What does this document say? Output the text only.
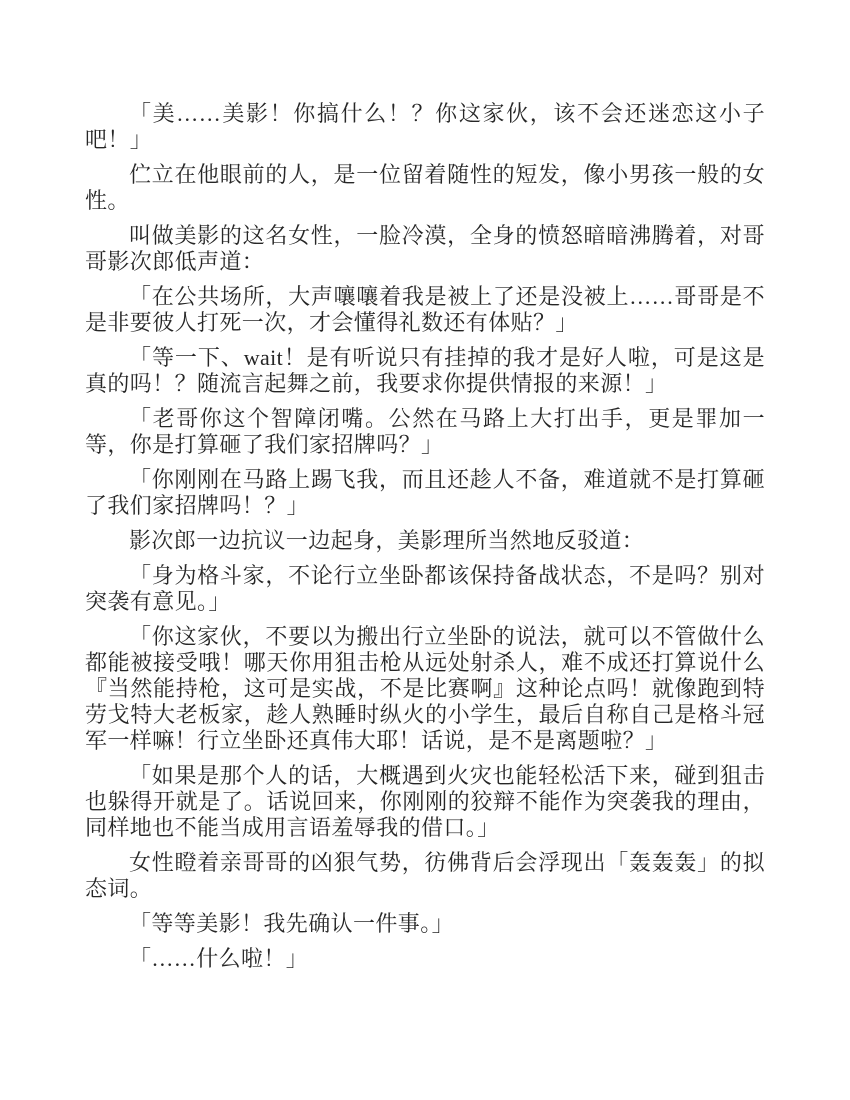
「美……美影！你搞什么！？你这家伙，该不会还迷恋这小子吧！」

伫立在他眼前的人，是一位留着随性的短发，像小男孩一般的女性。

叫做美影的这名女性，一脸冷漠，全身的愤怒暗暗沸腾着，对哥哥影次郎低声道：

「在公共场所，大声嚷嚷着我是被上了还是没被上……哥哥是不是非要彼人打死一次，才会懂得礼数还有体贴？」

「等一下、wait！是有听说只有挂掉的我才是好人啦，可是这是真的吗！？随流言起舞之前，我要求你提供情报的来源！」

「老哥你这个智障闭嘴。公然在马路上大打出手，更是罪加一等，你是打算砸了我们家招牌吗？」

「你刚刚在马路上踢飞我，而且还趁人不备，难道就不是打算砸了我们家招牌吗！？」

影次郎一边抗议一边起身，美影理所当然地反驳道：

「身为格斗家，不论行立坐卧都该保持备战状态，不是吗？别对突袭有意见。」

「你这家伙，不要以为搬出行立坐卧的说法，就可以不管做什么都能被接受哦！哪天你用狙击枪从远处射杀人，难不成还打算说什么『当然能持枪，这可是实战，不是比赛啊』这种论点吗！就像跑到特劳戈特大老板家，趁人熟睡时纵火的小学生，最后自称自己是格斗冠军一样嘛！行立坐卧还真伟大耶！话说，是不是离题啦？」

「如果是那个人的话，大概遇到火灾也能轻松活下来，碰到狙击也躲得开就是了。话说回来，你刚刚的狡辩不能作为突袭我的理由，同样地也不能当成用言语羞辱我的借口。」

女性瞪着亲哥哥的凶狠气势，彷佛背后会浮现出「轰轰轰」的拟态词。

「等等美影！我先确认一件事。」

「……什么啦！」
